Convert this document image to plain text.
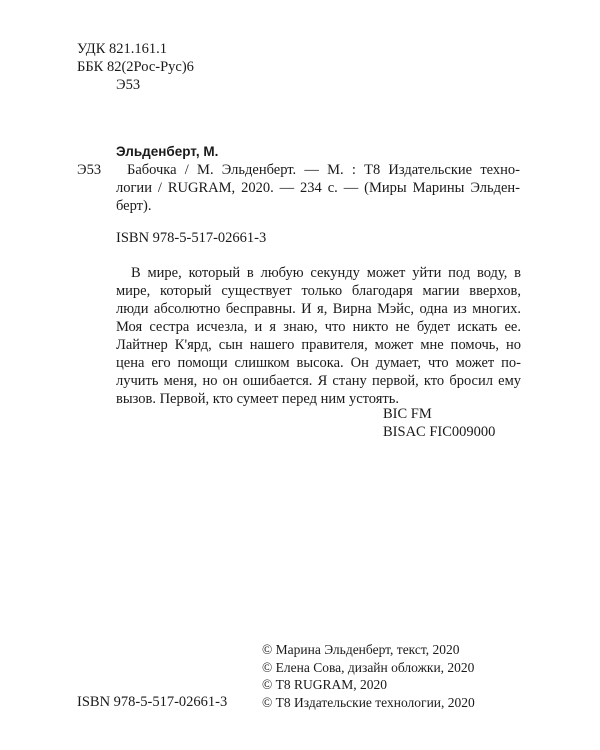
УДК 821.161.1
ББК 82(2Рос-Рус)6
Э53
Эльденберт, М.
Э53	Бабочка / М. Эльденберт. — М. : Т8 Издательские техно-
логии / RUGRAM, 2020. — 234 с. — (Миры Марины Эльден-
берт).
ISBN 978-5-517-02661-3
В мире, который в любую секунду может уйти под воду, в
мире, который существует только благодаря магии вверхов,
люди абсолютно бесправны. И я, Вирна Мэйс, одна из многих.
Моя сестра исчезла, и я знаю, что никто не будет искать ее.
Лайтнер К'ярд, сын нашего правителя, может мне помочь, но
цена его помощи слишком высока. Он думает, что может по-
лучить меня, но он ошибается. Я стану первой, кто бросил ему
вызов. Первой, кто сумеет перед ним устоять.
BIC FM
BISAC FIC009000
© Марина Эльденберт, текст, 2020
© Елена Сова, дизайн обложки, 2020
© Т8 RUGRAM, 2020
© Т8 Издательские технологии, 2020
ISBN 978-5-517-02661-3
